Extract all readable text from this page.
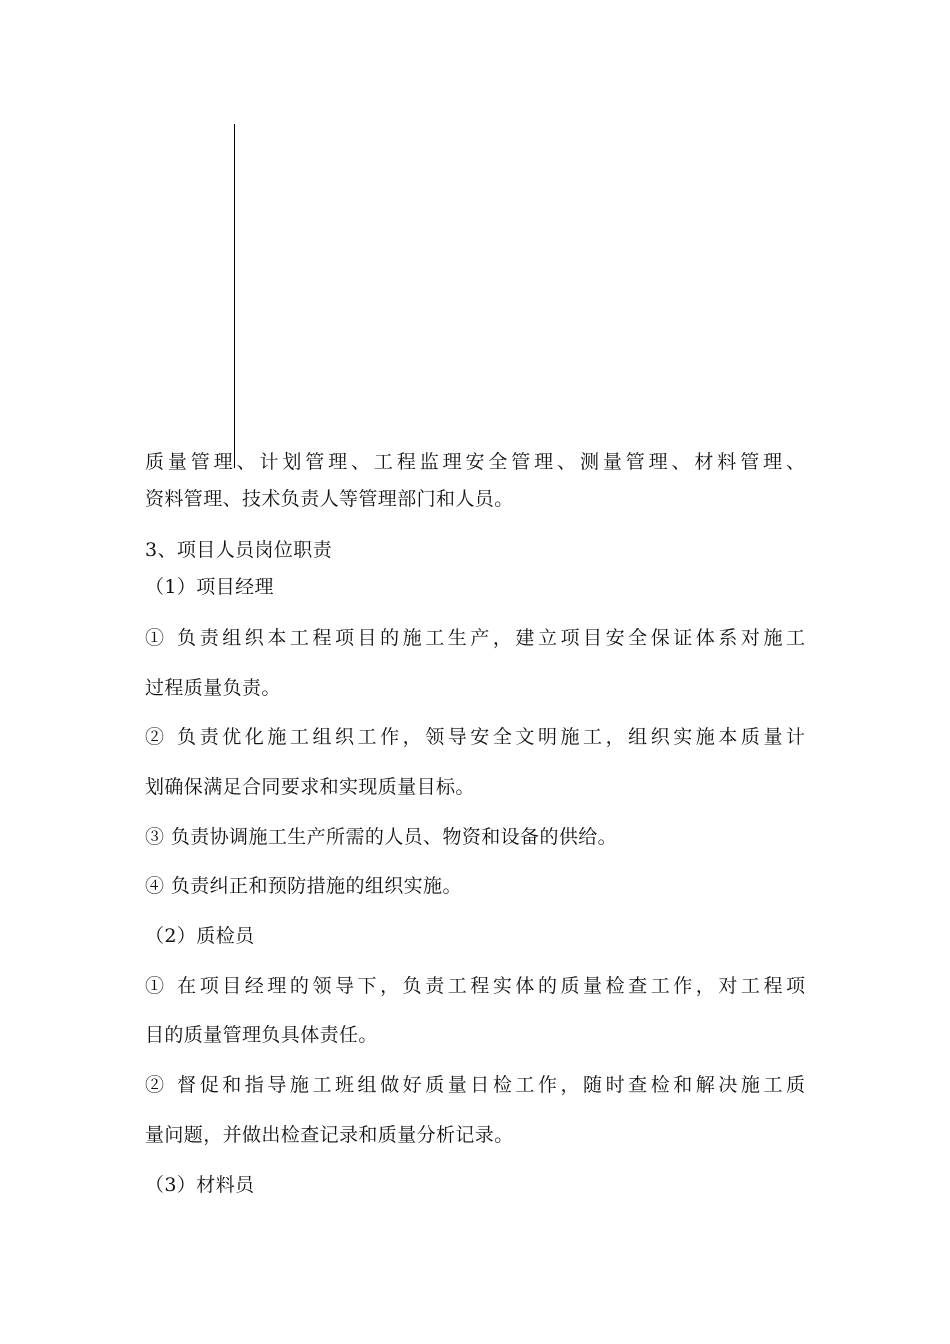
质量管理、计划管理、工程监理安全管理、测量管理、材料管理、
资料管理、技术负责人等管理部门和人员。
3、项目人员岗位职责
（1）项目经理
① 负责组织本工程项目的施工生产，建立项目安全保证体系对施工
过程质量负责。
② 负责优化施工组织工作，领导安全文明施工，组织实施本质量计
划确保满足合同要求和实现质量目标。
③ 负责协调施工生产所需的人员、物资和设备的供给。
④ 负责纠正和预防措施的组织实施。
（2）质检员
① 在项目经理的领导下，负责工程实体的质量检查工作，对工程项
目的质量管理负具体责任。
② 督促和指导施工班组做好质量日检工作，随时查检和解决施工质
量问题，并做出检查记录和质量分析记录。
（3）材料员
